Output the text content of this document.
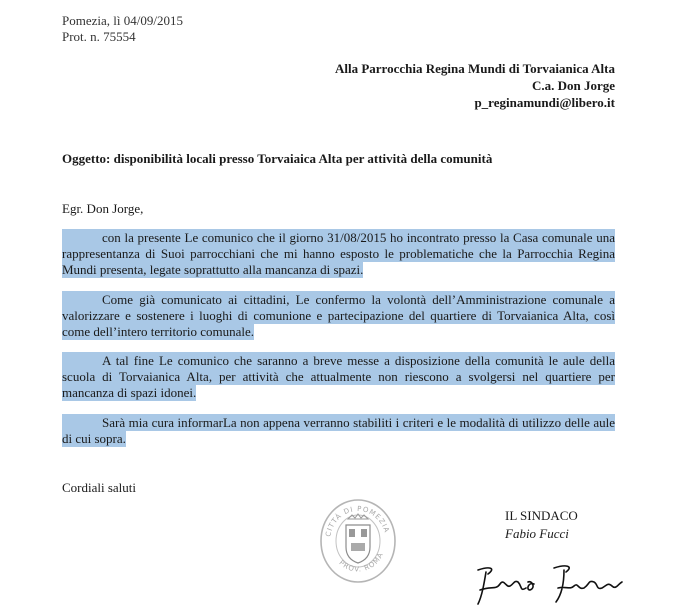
Pomezia, lì 04/09/2015
Prot. n. 75554
Alla Parrocchia Regina Mundi di Torvaianica Alta
C.a. Don Jorge
p_reginamundi@libero.it
Oggetto: disponibilità locali presso Torvaiaica Alta per attività della comunità
Egr. Don Jorge,
con la presente Le comunico che il giorno 31/08/2015 ho incontrato presso la Casa comunale una rappresentanza di Suoi parrocchiani che mi hanno esposto le problematiche che la Parrocchia Regina Mundi presenta, legate soprattutto alla mancanza di spazi.
Come già comunicato ai cittadini, Le confermo la volontà dell’Amministrazione comunale a valorizzare e sostenere i luoghi di comunione e partecipazione del quartiere di Torvaianica Alta, così come dell’intero territorio comunale.
A tal fine Le comunico che saranno a breve messe a disposizione della comunità le aule della scuola di Torvaianica Alta, per attività che attualmente non riescono a svolgersi nel quartiere per mancanza di spazi idonei.
Sarà mia cura informarLa non appena verranno stabiliti i criteri e le modalità di utilizzo delle aule di cui sopra.
Cordiali saluti
CITTÀ DI POMEZIA
PROV. ROMA
IL SINDACO
Fabio Fucci
